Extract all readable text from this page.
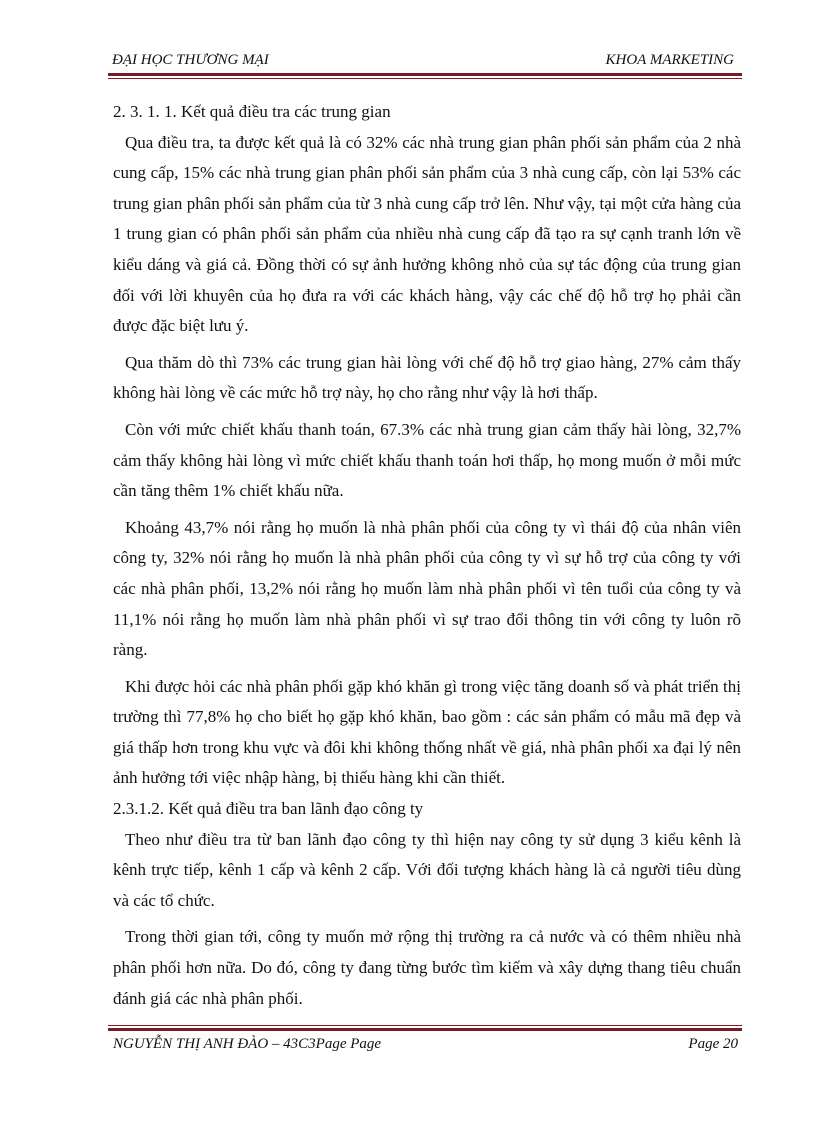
ĐẠI HỌC THƯƠNG MẠI	KHOA MARKETING

2. 3. 1. 1. Kết quả điều tra các trung gian

Qua điều tra, ta được kết quả là có 32% các nhà trung gian phân phối sản phẩm của 2 nhà cung cấp, 15% các nhà trung gian phân phối sản phẩm của 3 nhà cung cấp, còn lại 53% các trung gian phân phối sản phẩm của từ 3 nhà cung cấp trở lên. Như vậy, tại một cửa hàng của 1 trung gian có phân phối sản phẩm của nhiều nhà cung cấp đã tạo ra sự cạnh tranh lớn về kiểu dáng và giá cả. Đồng thời có sự ảnh hưởng không nhỏ của sự tác động của trung gian đối với lời khuyên của họ đưa ra với các khách hàng, vậy các chế độ hỗ trợ họ phải cần được đặc biệt lưu ý.

Qua thăm dò thì 73% các trung gian hài lòng với chế độ hỗ trợ giao hàng, 27% cảm thấy không hài lòng về các mức hỗ trợ này, họ cho rằng như vậy là hơi thấp.

Còn với mức chiết khấu thanh toán, 67.3% các nhà trung gian cảm thấy hài lòng, 32,7% cảm thấy không hài lòng vì mức chiết khấu thanh toán hơi thấp, họ mong muốn ở mỗi mức cần tăng thêm 1% chiết khấu nữa.

Khoảng 43,7% nói rằng họ muốn là nhà phân phối của công ty vì thái độ của nhân viên công ty, 32% nói rằng họ muốn là nhà phân phối của công ty vì sự hỗ trợ của công ty với các nhà phân phối, 13,2% nói rằng họ muốn làm nhà phân phối vì tên tuổi của công ty và 11,1% nói rằng họ muốn làm nhà phân phối vì sự trao đổi thông tin với công ty luôn rõ ràng.

Khi được hỏi các nhà phân phối gặp khó khăn gì trong việc tăng doanh số và phát triển thị trường thì 77,8% họ cho biết họ gặp khó khăn, bao gồm : các sản phẩm có mẫu mã đẹp và giá thấp hơn trong khu vực và đôi khi không thống nhất về giá, nhà phân phối xa đại lý nên ảnh hưởng tới việc nhập hàng, bị thiếu hàng khi cần thiết.

2.3.1.2. Kết quả điều tra ban lãnh đạo công ty

Theo như điều tra từ ban lãnh đạo công ty thì hiện nay công ty sử dụng 3 kiểu kênh là kênh trực tiếp, kênh 1 cấp và kênh 2 cấp. Với đối tượng khách hàng là cả người tiêu dùng và các tổ chức.

Trong thời gian tới, công ty muốn mở rộng thị trường ra cả nước và có thêm nhiều nhà phân phối hơn nữa. Do đó, công ty đang từng bước tìm kiếm và xây dựng thang tiêu chuẩn đánh giá các nhà phân phối.

NGUYỄN THỊ ANH ĐÀO – 43C3Page Page	Page 20
